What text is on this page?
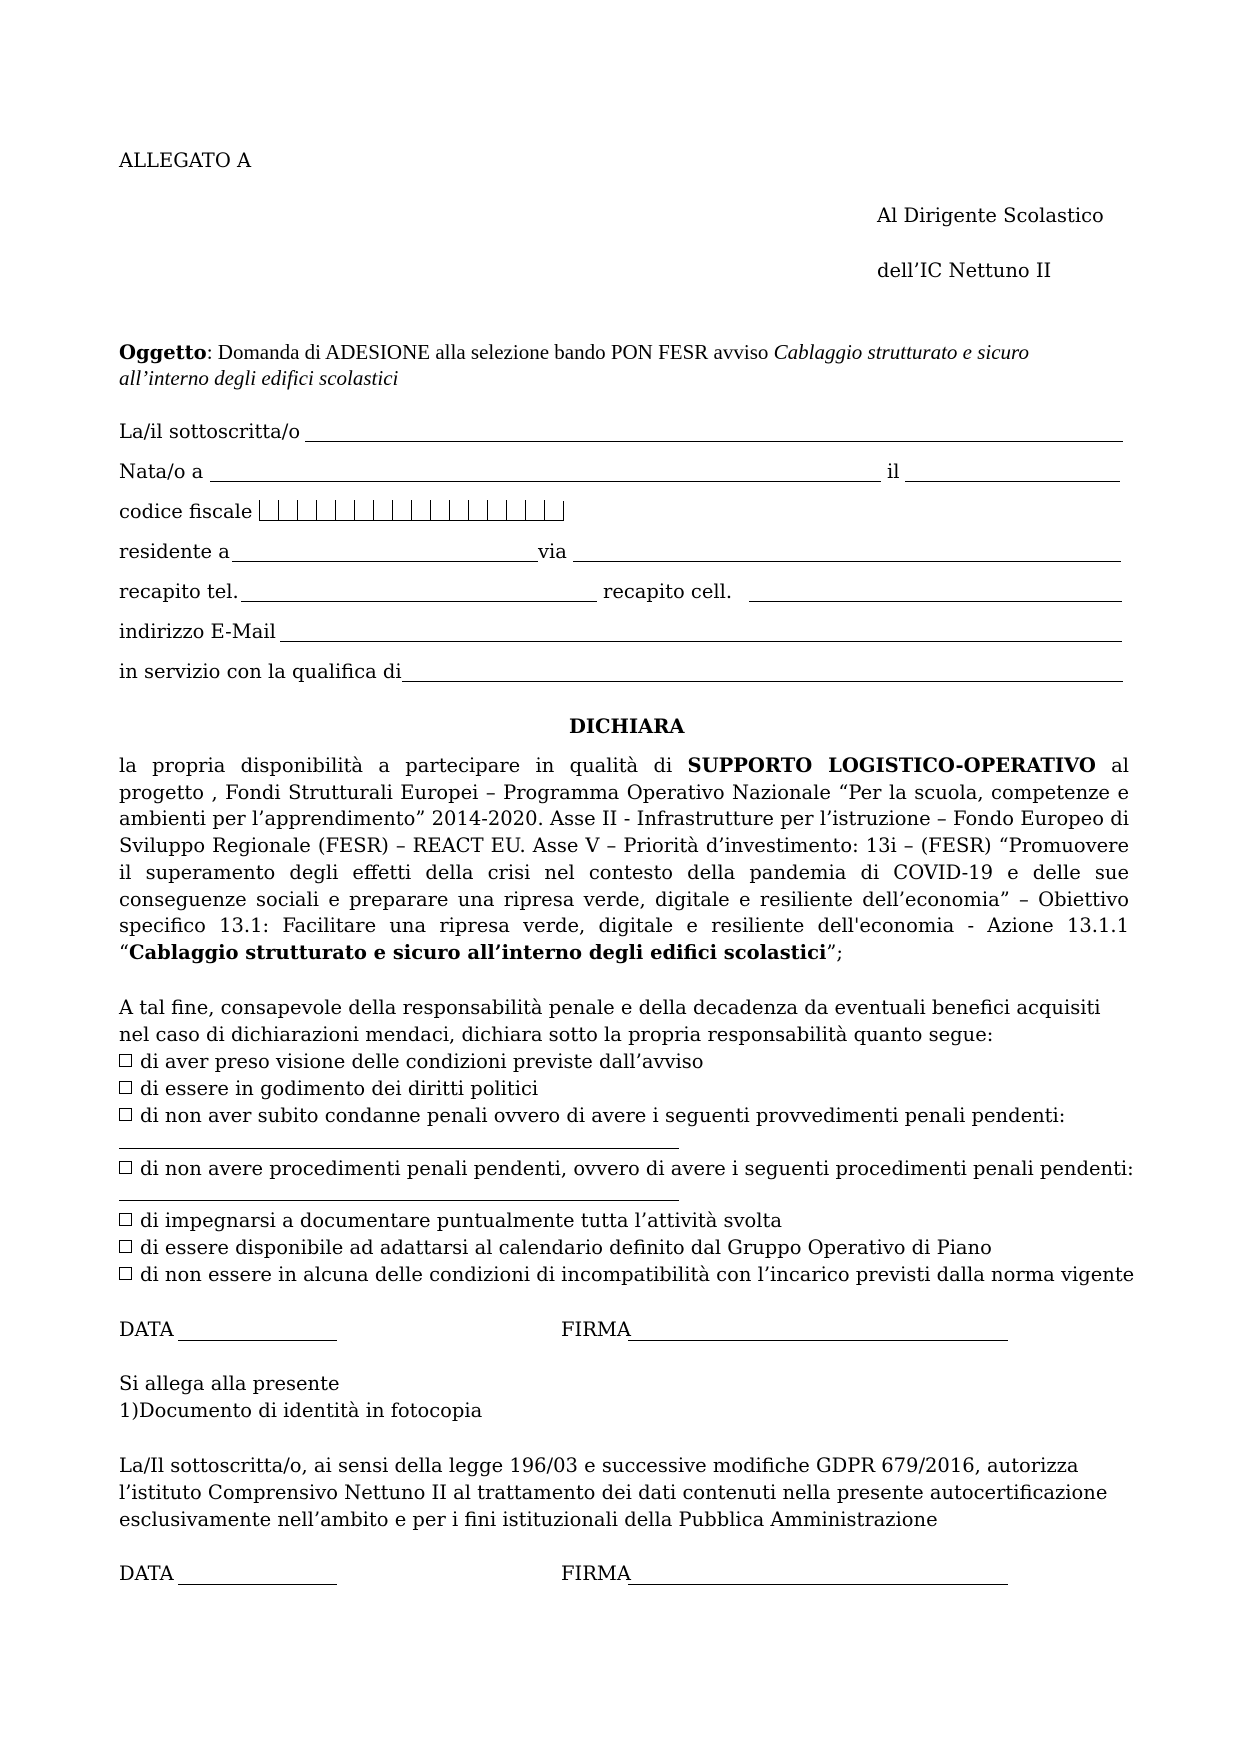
ALLEGATO A
Al Dirigente Scolastico
dell’IC Nettuno II
Oggetto: Domanda di ADESIONE alla selezione bando PON FESR avviso Cablaggio strutturato e sicuro
all’interno degli edifici scolastici
La/il sottoscritta/o
Nata/o a	il
codice fiscale
residente a	via
recapito tel.	recapito cell.
indirizzo E-Mail
in servizio con la qualifica di
DICHIARA
la propria disponibilità a partecipare in qualità di SUPPORTO LOGISTICO-OPERATIVO al progetto , Fondi Strutturali Europei – Programma Operativo Nazionale “Per la scuola, competenze e ambienti per l’apprendimento” 2014-2020. Asse II - Infrastrutture per l’istruzione – Fondo Europeo di Sviluppo Regionale (FESR) – REACT EU. Asse V – Priorità d’investimento: 13i – (FESR) “Promuovere il superamento degli effetti della crisi nel contesto della pandemia di COVID-19 e delle sue conseguenze sociali e preparare una ripresa verde, digitale e resiliente dell’economia” – Obiettivo specifico 13.1: Facilitare una ripresa verde, digitale e resiliente dell'economia - Azione 13.1.1 “Cablaggio strutturato e sicuro all’interno degli edifici scolastici”;
A tal fine, consapevole della responsabilità penale e della decadenza da eventuali benefici acquisiti
nel caso di dichiarazioni mendaci, dichiara sotto la propria responsabilità quanto segue:
di aver preso visione delle condizioni previste dall’avviso
di essere in godimento dei diritti politici
di non aver subito condanne penali ovvero di avere i seguenti provvedimenti penali pendenti:
di non avere procedimenti penali pendenti, ovvero di avere i seguenti procedimenti penali pendenti:
di impegnarsi a documentare puntualmente tutta l’attività svolta
di essere disponibile ad adattarsi al calendario definito dal Gruppo Operativo di Piano
di non essere in alcuna delle condizioni di incompatibilità con l’incarico previsti dalla norma vigente
DATA	FIRMA
Si allega alla presente
1)Documento di identità in fotocopia
La/Il sottoscritta/o, ai sensi della legge 196/03 e successive modifiche GDPR 679/2016, autorizza
l’istituto Comprensivo Nettuno II al trattamento dei dati contenuti nella presente autocertificazione
esclusivamente nell’ambito e per i fini istituzionali della Pubblica Amministrazione
DATA	FIRMA
